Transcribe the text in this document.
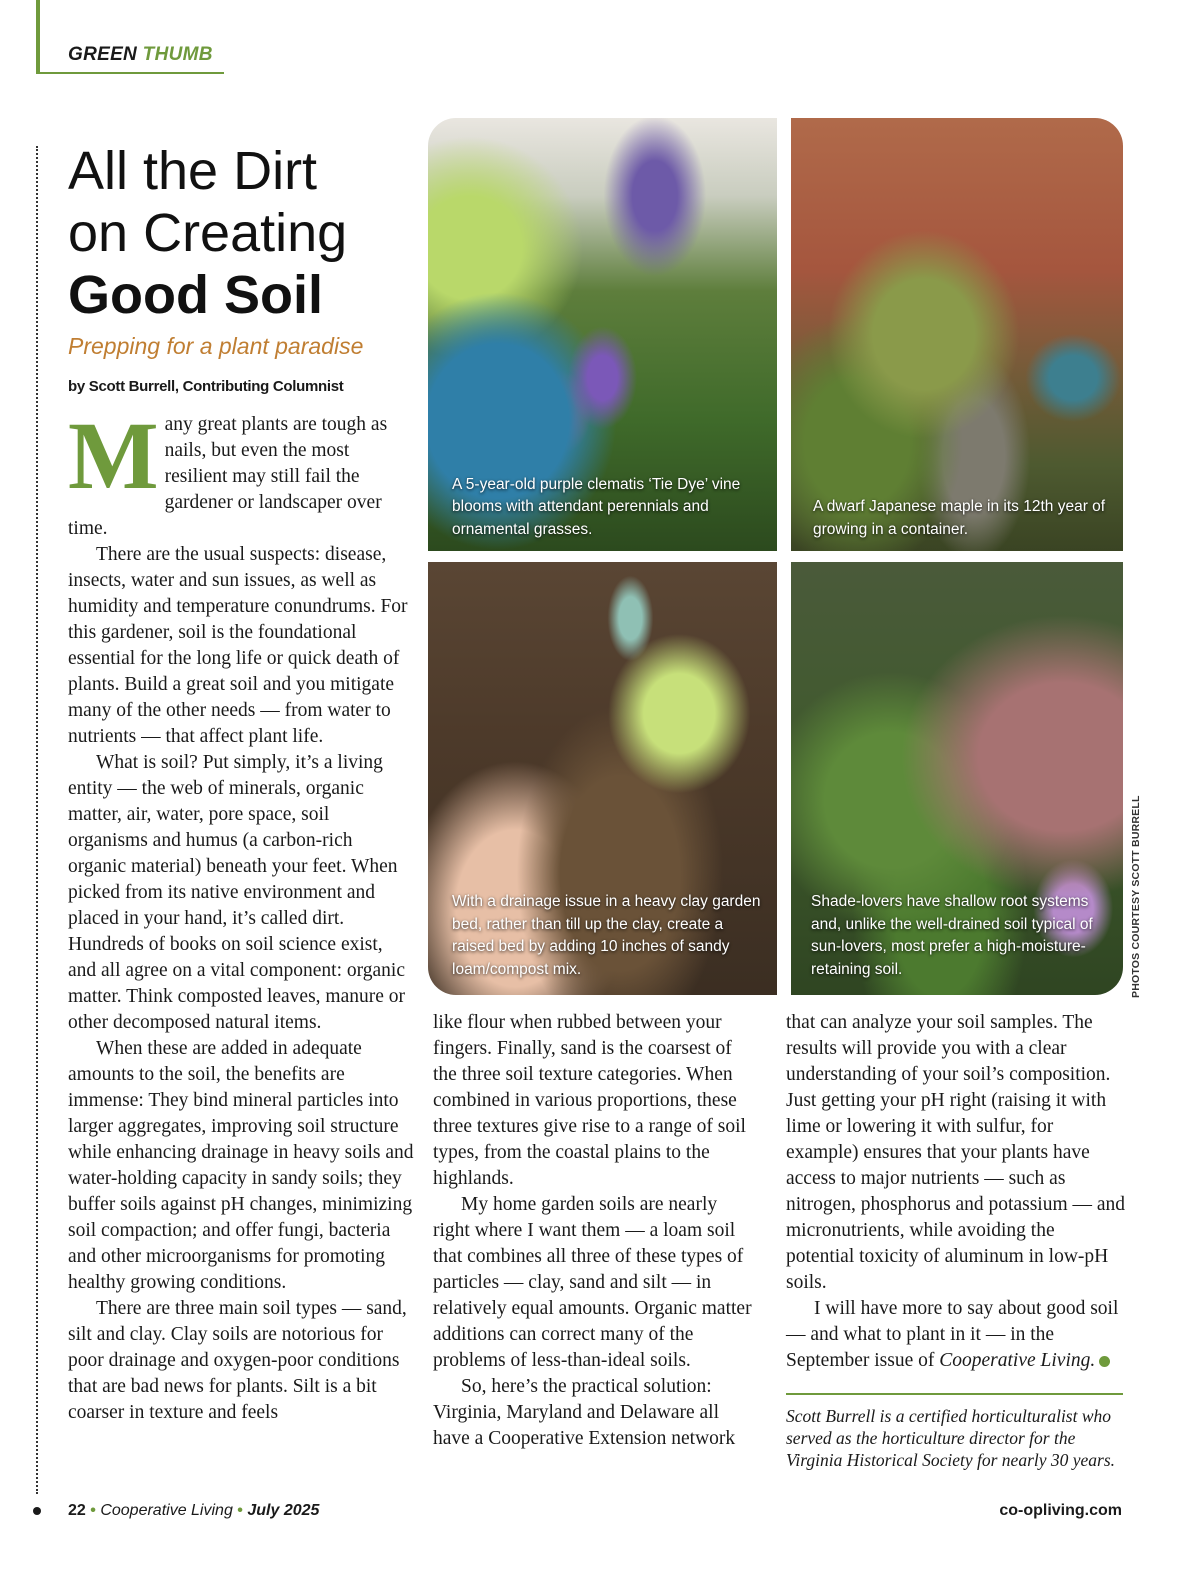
GREEN THUMB
All the Dirt
on Creating
Good Soil
Prepping for a plant paradise
by Scott Burrell, Contributing Columnist

Many great plants are tough as nails, but even the most resilient may still fail the gardener or landscaper over time.

There are the usual suspects: disease, insects, water and sun issues, as well as humidity and temperature conundrums. For this gardener, soil is the foundational essential for the long life or quick death of plants. Build a great soil and you mitigate many of the other needs — from water to nutrients — that affect plant life.

What is soil? Put simply, it’s a living entity — the web of minerals, organic matter, air, water, pore space, soil organisms and humus (a carbon-rich organic material) beneath your feet. When picked from its native environment and placed in your hand, it’s called dirt. Hundreds of books on soil science exist, and all agree on a vital component: organic matter. Think composted leaves, manure or other decomposed natural items.

When these are added in adequate amounts to the soil, the benefits are immense: They bind mineral particles into larger aggregates, improving soil structure while enhancing drainage in heavy soils and water-holding capacity in sandy soils; they buffer soils against pH changes, minimizing soil compaction; and offer fungi, bacteria and other microorganisms for promoting healthy growing conditions.

There are three main soil types — sand, silt and clay. Clay soils are notorious for poor drainage and oxygen-poor conditions that are bad news for plants. Silt is a bit coarser in texture and feels

A 5-year-old purple clematis ‘Tie Dye’ vine blooms with attendant perennials and ornamental grasses.
A dwarf Japanese maple in its 12th year of growing in a container.
With a drainage issue in a heavy clay garden bed, rather than till up the clay, create a raised bed by adding 10 inches of sandy loam/compost mix.
Shade-lovers have shallow root systems and, unlike the well-drained soil typical of sun-lovers, most prefer a high-moisture-retaining soil.	PHOTOS COURTESY SCOTT BURRELL

like flour when rubbed between your fingers. Finally, sand is the coarsest of the three soil texture categories. When combined in various proportions, these three textures give rise to a range of soil types, from the coastal plains to the highlands.

My home garden soils are nearly right where I want them — a loam soil that combines all three of these types of particles — clay, sand and silt — in relatively equal amounts. Organic matter additions can correct many of the problems of less-than-ideal soils.

So, here’s the practical solution: Virginia, Maryland and Delaware all have a Cooperative Extension network

that can analyze your soil samples. The results will provide you with a clear understanding of your soil’s composition. Just getting your pH right (raising it with lime or lowering it with sulfur, for example) ensures that your plants have access to major nutrients — such as nitrogen, phosphorus and potassium — and micronutrients, while avoiding the potential toxicity of aluminum in low-pH soils.

I will have more to say about good soil — and what to plant in it — in the September issue of Cooperative Living.

Scott Burrell is a certified horticulturalist who served as the horticulture director for the Virginia Historical Society for nearly 30 years.
22 • Cooperative Living • July 2025	co-opliving.com
